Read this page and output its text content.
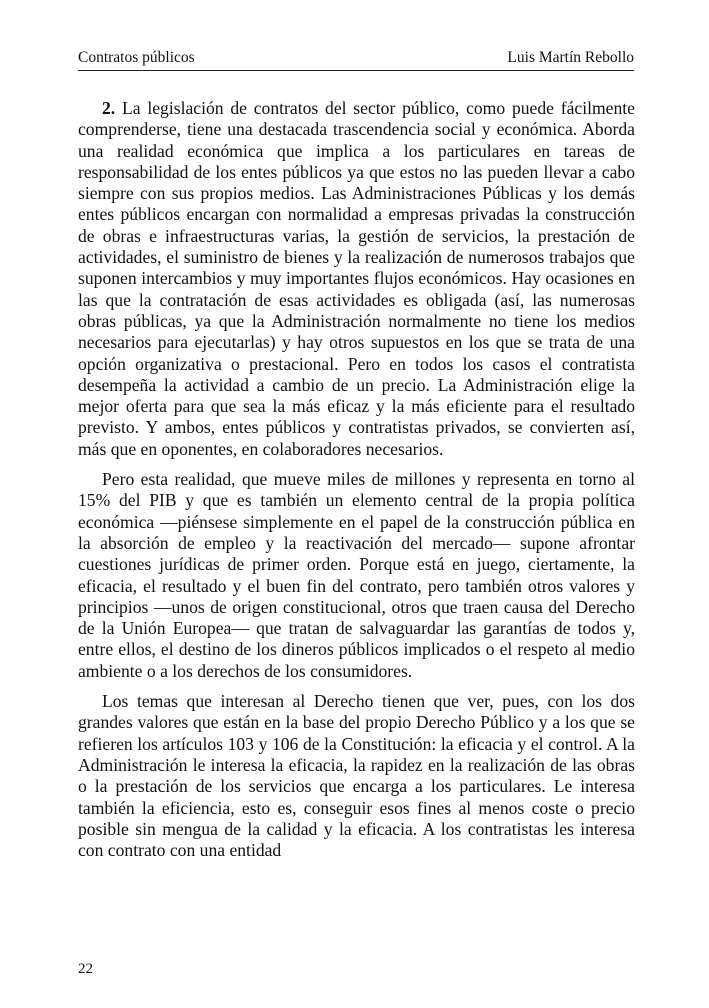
Contratos públicos	Luis Martín Rebollo

2. La legislación de contratos del sector público, como puede fácilmente comprenderse, tiene una destacada trascendencia social y económica. Aborda una realidad económica que implica a los particulares en tareas de responsabilidad de los entes públicos ya que estos no las pueden llevar a cabo siempre con sus propios medios. Las Administraciones Públicas y los demás entes públicos encargan con normalidad a empresas privadas la construcción de obras e infraestructuras varias, la gestión de servicios, la prestación de actividades, el suministro de bienes y la realización de numerosos trabajos que suponen intercambios y muy importantes flujos económicos. Hay ocasiones en las que la contratación de esas actividades es obligada (así, las numerosas obras públicas, ya que la Administración normalmente no tiene los medios necesarios para ejecutarlas) y hay otros supuestos en los que se trata de una opción organizativa o prestacional. Pero en todos los casos el contratista desempeña la actividad a cambio de un precio. La Administración elige la mejor oferta para que sea la más eficaz y la más eficiente para el resultado previsto. Y ambos, entes públicos y contratistas privados, se convierten así, más que en oponentes, en colaboradores necesarios.

Pero esta realidad, que mueve miles de millones y representa en torno al 15% del PIB y que es también un elemento central de la propia política económica —piénsese simplemente en el papel de la construcción pública en la absorción de empleo y la reactivación del mercado— supone afrontar cuestiones jurídicas de primer orden. Porque está en juego, ciertamente, la eficacia, el resultado y el buen fin del contrato, pero también otros valores y principios —unos de origen constitucional, otros que traen causa del Derecho de la Unión Europea— que tratan de salvaguardar las garantías de todos y, entre ellos, el destino de los dineros públicos implicados o el respeto al medio ambiente o a los derechos de los consumidores.

Los temas que interesan al Derecho tienen que ver, pues, con los dos grandes valores que están en la base del propio Derecho Público y a los que se refieren los artículos 103 y 106 de la Constitución: la eficacia y el control. A la Administración le interesa la eficacia, la rapidez en la realización de las obras o la prestación de los servicios que encarga a los particulares. Le interesa también la eficiencia, esto es, conseguir esos fines al menos coste o precio posible sin mengua de la calidad y la eficacia. A los contratistas les interesa con contrato con una entidad

22
